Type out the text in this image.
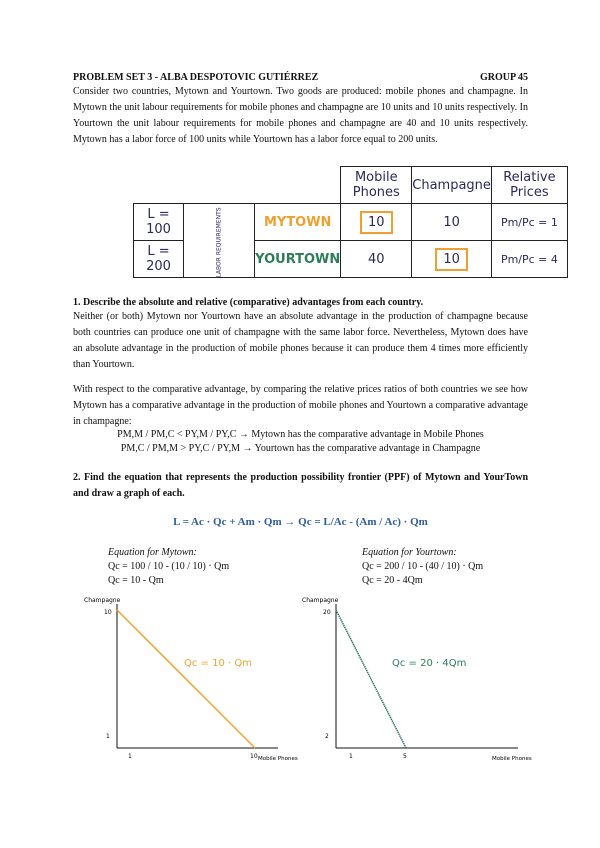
PROBLEM SET 3 - ALBA DESPOTOVIC GUTIÉRREZ	GROUP 45
Consider two countries, Mytown and Yourtown. Two goods are produced: mobile phones and champagne. In Mytown the unit labour requirements for mobile phones and champagne are 10 units and 10 units respectively. In Yourtown the unit labour requirements for mobile phones and champagne are 40 and 10 units respectively. Mytown has a labor force of 100 units while Yourtown has a labor force equal to 200 units.
			Mobile Phones	Champagne	Relative Prices
L = 100	LABOR REQUIREMENTS	MYTOWN	10	10	Pm/Pc = 1
L = 200		YOURTOWN	40	10	Pm/Pc = 4
1. Describe the absolute and relative (comparative) advantages from each country.
Neither (or both) Mytown nor Yourtown have an absolute advantage in the production of champagne because both countries can produce one unit of champagne with the same labor force. Nevertheless, Mytown does have an absolute advantage in the production of mobile phones because it can produce them 4 times more efficiently than Yourtown.
With respect to the comparative advantage, by comparing the relative prices ratios of both countries we see how Mytown has a comparative advantage in the production of mobile phones and Yourtown a comparative advantage in champagne:
PM,M / PM,C < PY,M / PY,C → Mytown has the comparative advantage in Mobile Phones
PM,C / PM,M > PY,C / PY,M → Yourtown has the comparative advantage in Champagne
2. Find the equation that represents the production possibility frontier (PPF) of Mytown and YourTown and draw a graph of each.
L = Ac · Qc + Am · Qm → Qc = L/Ac - (Am / Ac) · Qm
Equation for Mytown:
Qc = 100 / 10 - (10 / 10) · Qm
Qc = 10 - Qm
Equation for Yourtown:
Qc = 200 / 10 - (40 / 10) · Qm
Qc = 20 - 4Qm
Champagne
10
1
1	10 Mobile Phones
Qc = 10 · Qm
Champagne
20
2
1	5	Mobile Phones
Qc = 20 · 4Qm
